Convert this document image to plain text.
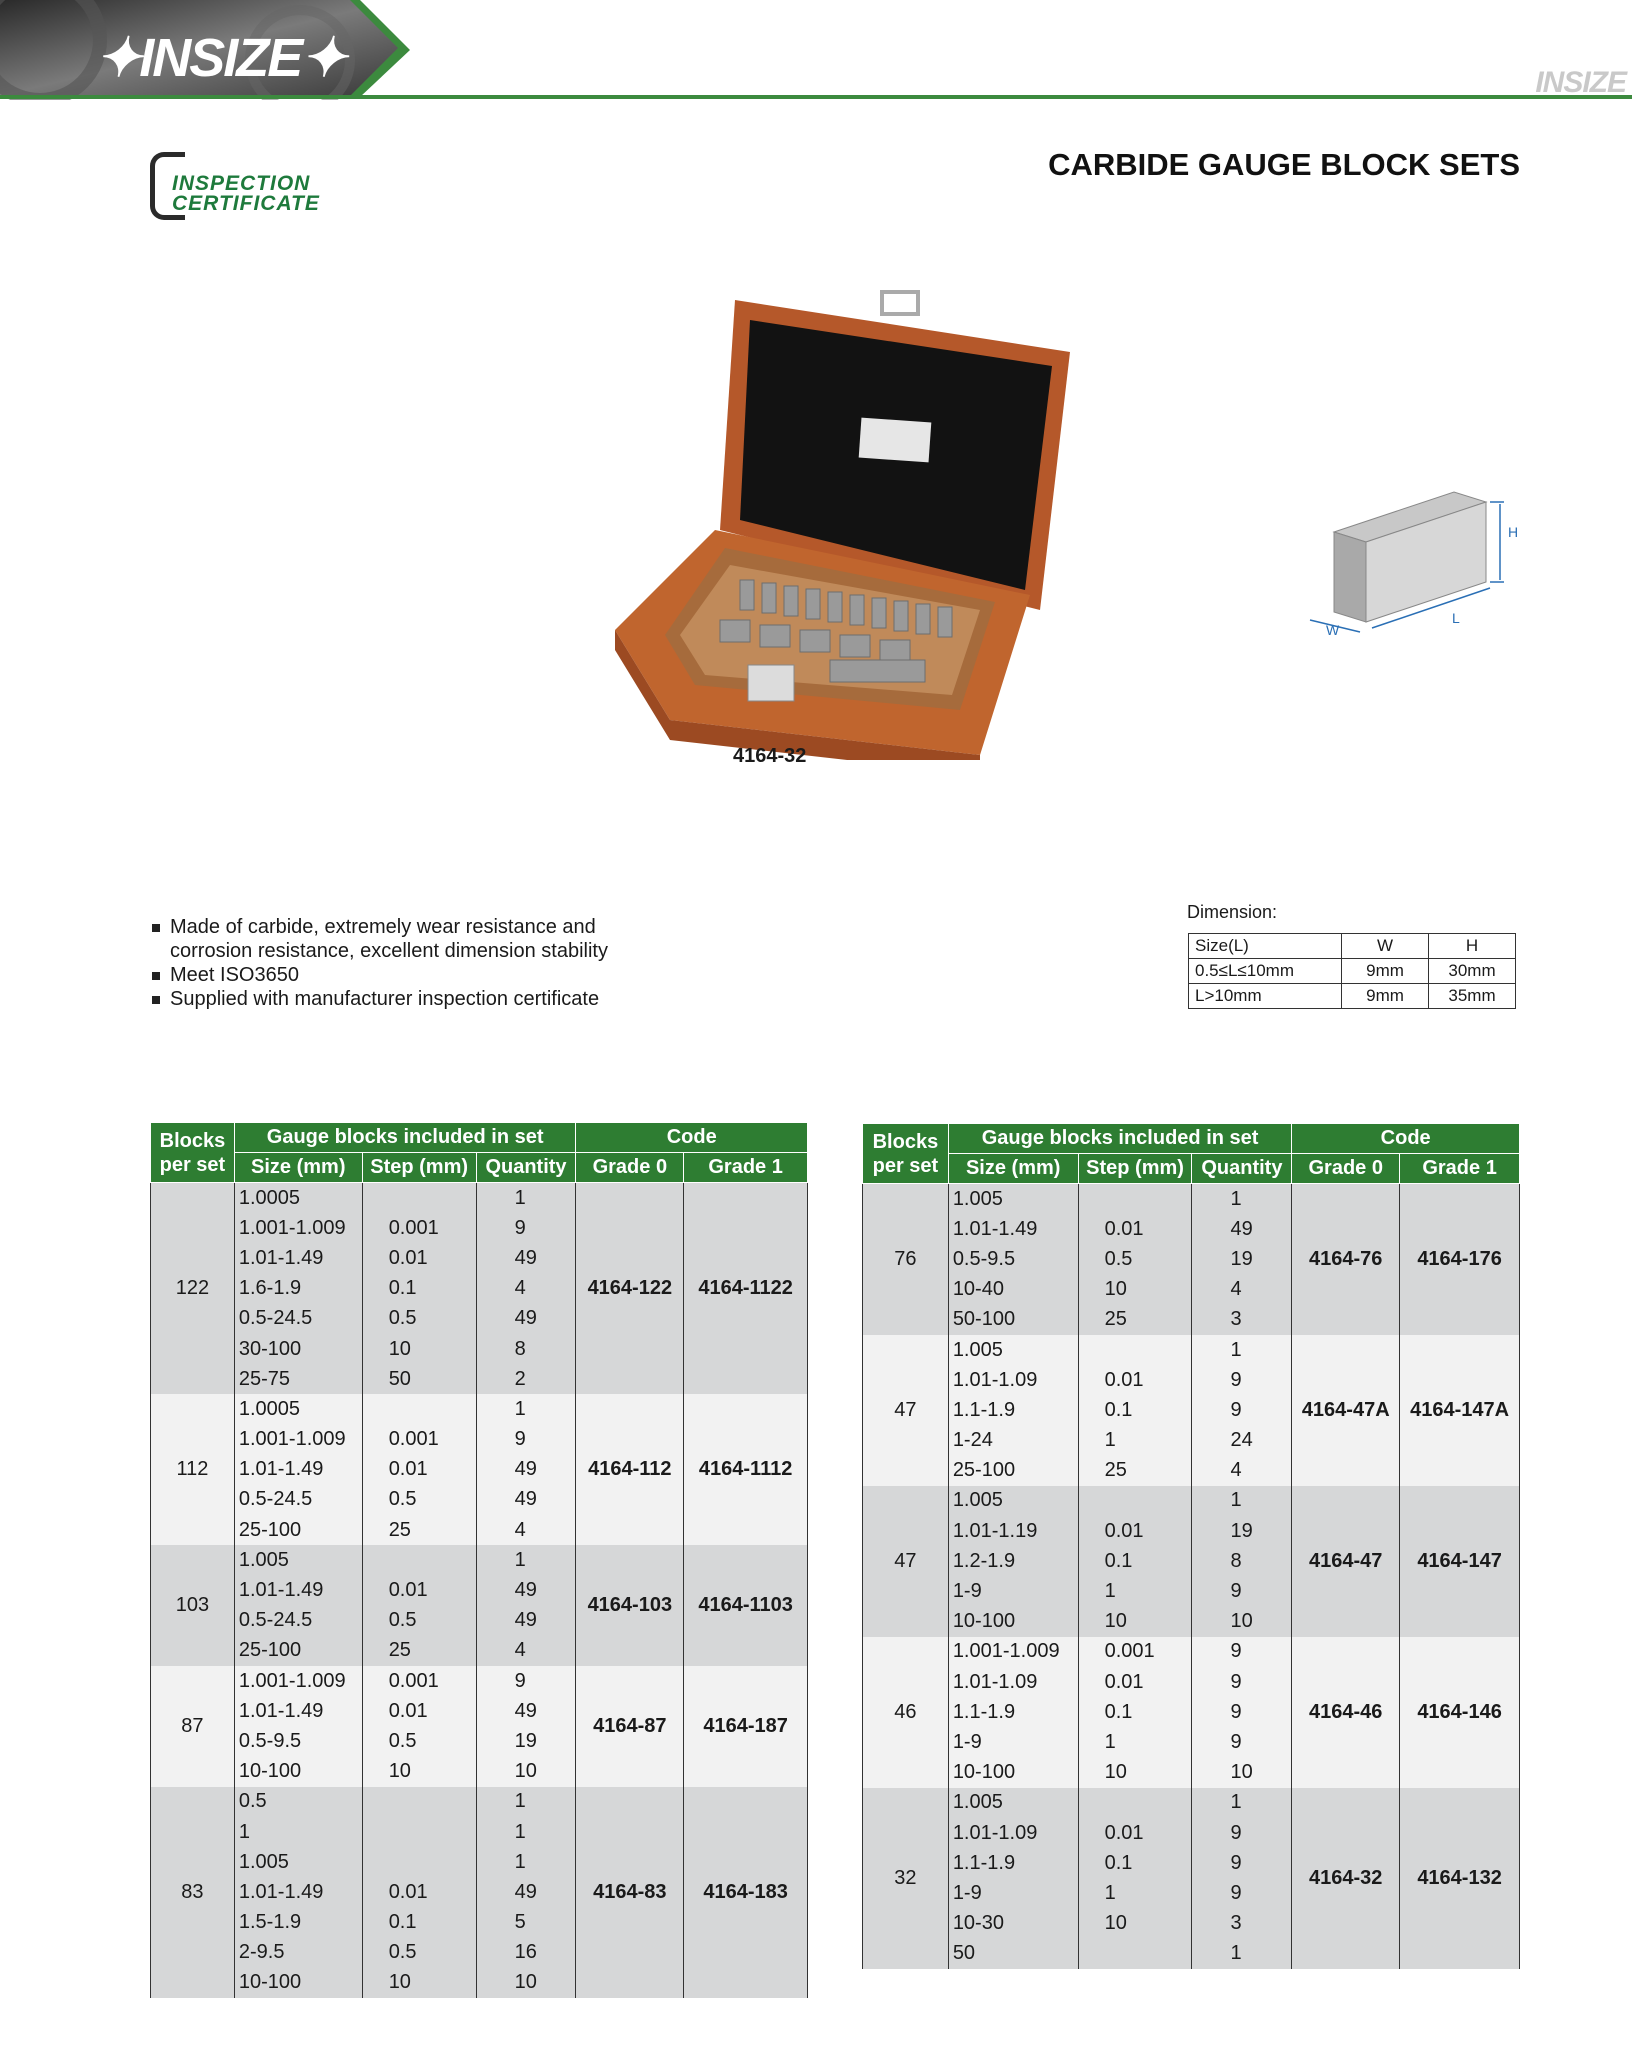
✦INSIZE✦	INSIZE
INSPECTION
CERTIFICATE
CARBIDE GAUGE BLOCK SETS
4164-32
H
L
W
Made of carbide, extremely wear resistance and corrosion resistance, excellent dimension stability
Meet ISO3650
Supplied with manufacturer inspection certificate
Dimension:
Size(L)	W	H
0.5≤L≤10mm	9mm	30mm
L>10mm	9mm	35mm
Blocks per set	Gauge blocks included in set			Code	
	Size (mm)	Step (mm)	Quantity	Grade 0	Grade 1
122	1.0005		1	4164-122	4164-1122
	1.001-1.009	0.001	9		
	1.01-1.49	0.01	49		
	1.6-1.9	0.1	4		
	0.5-24.5	0.5	49		
	30-100	10	8		
	25-75	50	2		
112	1.0005		1	4164-112	4164-1112
	1.001-1.009	0.001	9		
	1.01-1.49	0.01	49		
	0.5-24.5	0.5	49		
	25-100	25	4		
103	1.005		1	4164-103	4164-1103
	1.01-1.49	0.01	49		
	0.5-24.5	0.5	49		
	25-100	25	4		
87	1.001-1.009	0.001	9	4164-87	4164-187
	1.01-1.49	0.01	49		
	0.5-9.5	0.5	19		
	10-100	10	10		
83	0.5		1	4164-83	4164-183
	1		1		
	1.005		1		
	1.01-1.49	0.01	49		
	1.5-1.9	0.1	5		
	2-9.5	0.5	16		
	10-100	10	10		
Blocks per set	Gauge blocks included in set			Code	
	Size (mm)	Step (mm)	Quantity	Grade 0	Grade 1
76	1.005		1	4164-76	4164-176
	1.01-1.49	0.01	49		
	0.5-9.5	0.5	19		
	10-40	10	4		
	50-100	25	3		
47	1.005		1	4164-47A	4164-147A
	1.01-1.09	0.01	9		
	1.1-1.9	0.1	9		
	1-24	1	24		
	25-100	25	4		
47	1.005		1	4164-47	4164-147
	1.01-1.19	0.01	19		
	1.2-1.9	0.1	8		
	1-9	1	9		
	10-100	10	10		
46	1.001-1.009	0.001	9	4164-46	4164-146
	1.01-1.09	0.01	9		
	1.1-1.9	0.1	9		
	1-9	1	9		
	10-100	10	10		
32	1.005		1	4164-32	4164-132
	1.01-1.09	0.01	9		
	1.1-1.9	0.1	9		
	1-9	1	9		
	10-30	10	3		
	50		1		
